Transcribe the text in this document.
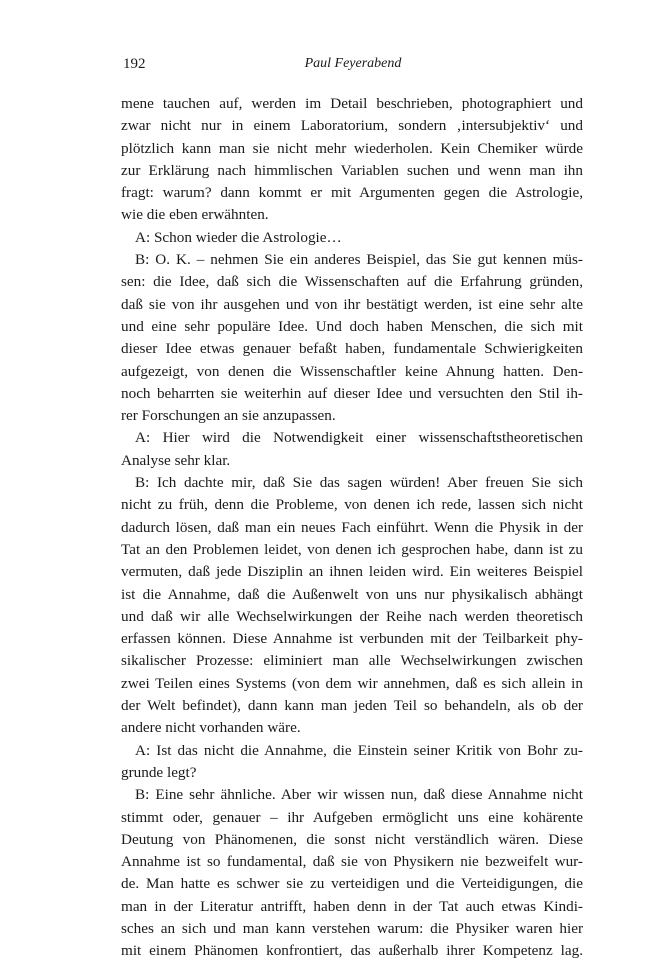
192	Paul Feyerabend
mene tauchen auf, werden im Detail beschrieben, photographiert und
zwar nicht nur in einem Laboratorium, sondern ‚intersubjektiv‘ und
plötzlich kann man sie nicht mehr wiederholen. Kein Chemiker würde
zur Erklärung nach himmlischen Variablen suchen und wenn man ihn
fragt: warum? dann kommt er mit Argumenten gegen die Astrologie,
wie die eben erwähnten.
A: Schon wieder die Astrologie…
B: O. K. – nehmen Sie ein anderes Beispiel, das Sie gut kennen müs-
sen: die Idee, daß sich die Wissenschaften auf die Erfahrung gründen,
daß sie von ihr ausgehen und von ihr bestätigt werden, ist eine sehr alte
und eine sehr populäre Idee. Und doch haben Menschen, die sich mit
dieser Idee etwas genauer befaßt haben, fundamentale Schwierigkeiten
aufgezeigt, von denen die Wissenschaftler keine Ahnung hatten. Den-
noch beharrten sie weiterhin auf dieser Idee und versuchten den Stil ih-
rer Forschungen an sie anzupassen.
A: Hier wird die Notwendigkeit einer wissenschaftstheoretischen
Analyse sehr klar.
B: Ich dachte mir, daß Sie das sagen würden! Aber freuen Sie sich
nicht zu früh, denn die Probleme, von denen ich rede, lassen sich nicht
dadurch lösen, daß man ein neues Fach einführt. Wenn die Physik in der
Tat an den Problemen leidet, von denen ich gesprochen habe, dann ist zu
vermuten, daß jede Disziplin an ihnen leiden wird. Ein weiteres Beispiel
ist die Annahme, daß die Außenwelt von uns nur physikalisch abhängt
und daß wir alle Wechselwirkungen der Reihe nach werden theoretisch
erfassen können. Diese Annahme ist verbunden mit der Teilbarkeit phy-
sikalischer Prozesse: eliminiert man alle Wechselwirkungen zwischen
zwei Teilen eines Systems (von dem wir annehmen, daß es sich allein in
der Welt befindet), dann kann man jeden Teil so behandeln, als ob der
andere nicht vorhanden wäre.
A: Ist das nicht die Annahme, die Einstein seiner Kritik von Bohr zu-
grunde legt?
B: Eine sehr ähnliche. Aber wir wissen nun, daß diese Annahme nicht
stimmt oder, genauer – ihr Aufgeben ermöglicht uns eine kohärente
Deutung von Phänomenen, die sonst nicht verständlich wären. Diese
Annahme ist so fundamental, daß sie von Physikern nie bezweifelt wur-
de. Man hatte es schwer sie zu verteidigen und die Verteidigungen, die
man in der Literatur antrifft, haben denn in der Tat auch etwas Kindi-
sches an sich und man kann verstehen warum: die Physiker waren hier
mit einem Phänomen konfrontiert, das außerhalb ihrer Kompetenz lag.
